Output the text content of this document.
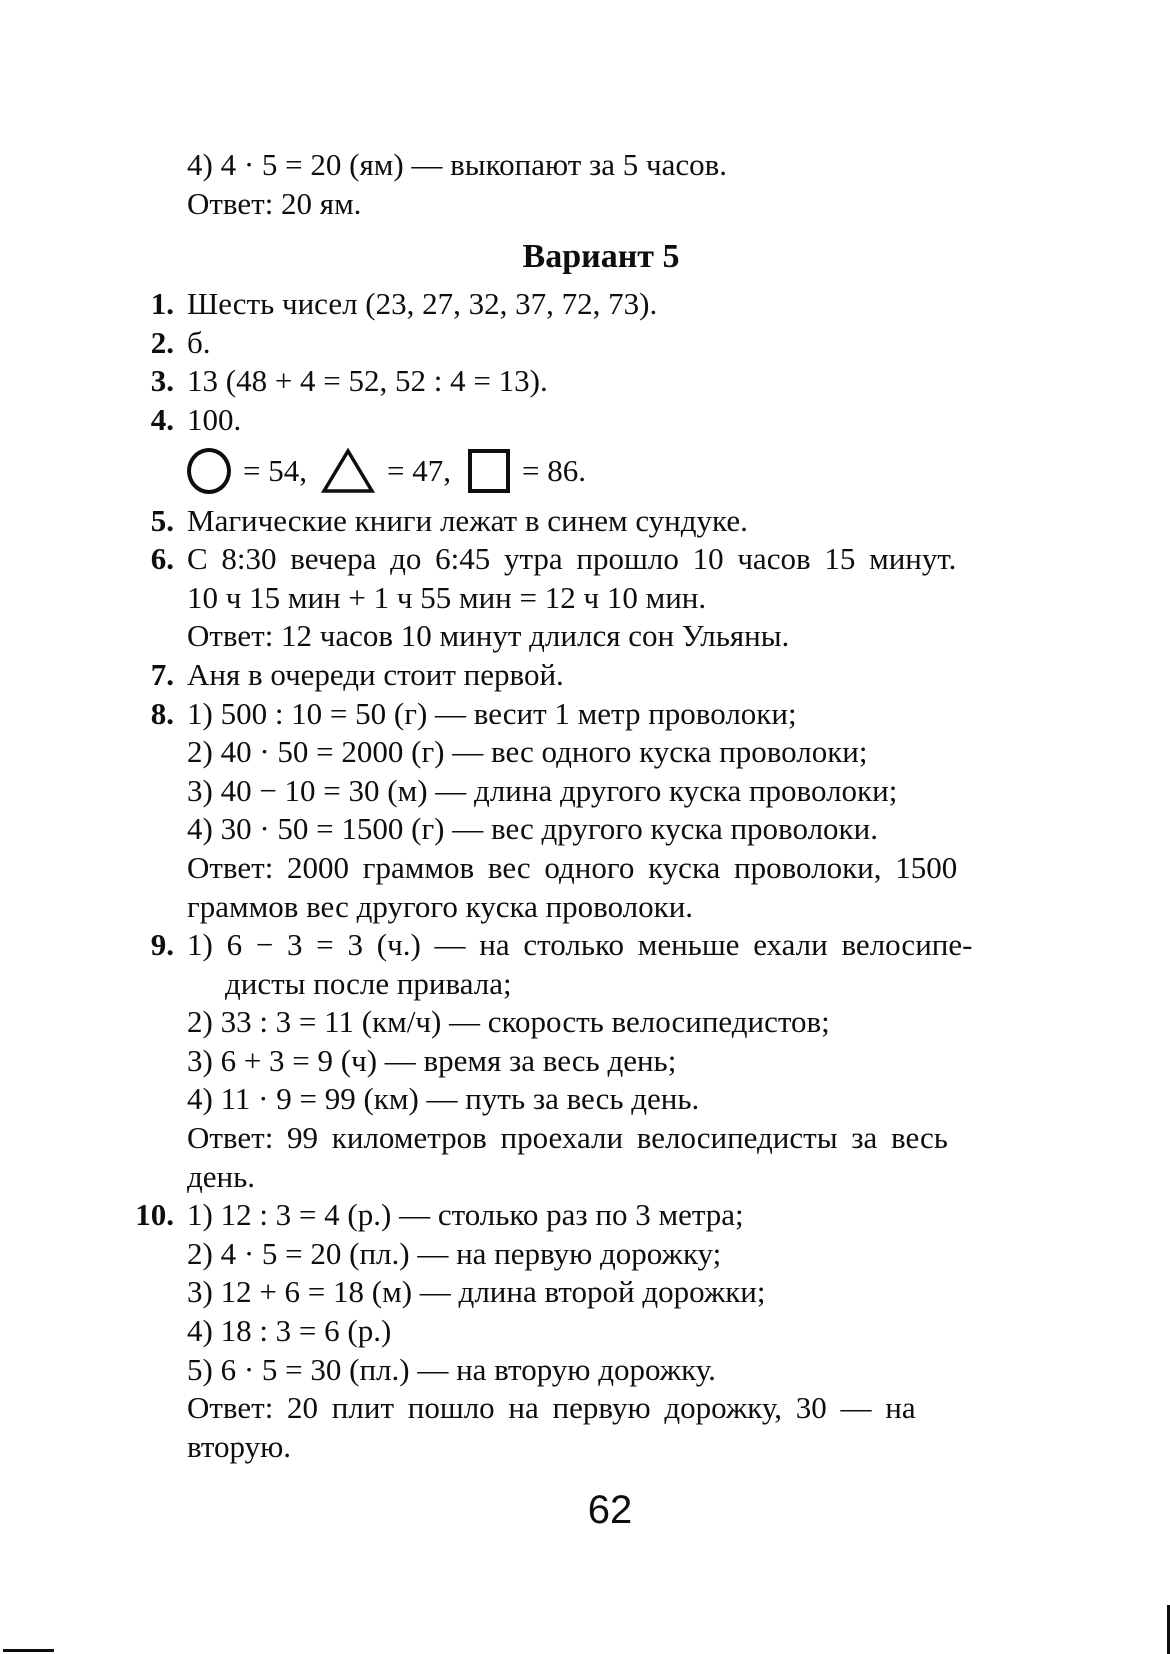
4) 4 · 5 = 20 (ям) — выкопают за 5 часов.
Ответ: 20 ям.
Вариант 5
1. Шесть чисел (23, 27, 32, 37, 72, 73).
2. б.
3. 13 (48 + 4 = 52, 52 : 4 = 13).
4. 100.
= 54,	= 47, = 86.
5. Магические книги лежат в синем сундуке.
6. С 8:30 вечера до 6:45 утра прошло 10 часов 15 минут.
10 ч 15 мин + 1 ч 55 мин = 12 ч 10 мин.
Ответ: 12 часов 10 минут длился сон Ульяны.
7. Аня в очереди стоит первой.
8. 1) 500 : 10 = 50 (г) — весит 1 метр проволоки;
2) 40 · 50 = 2000 (г) — вес одного куска проволоки;
3) 40 − 10 = 30 (м) — длина другого куска проволоки;
4) 30 · 50 = 1500 (г) — вес другого куска проволоки.
Ответ: 2000 граммов вес одного куска проволоки, 1500
граммов вес другого куска проволоки.
9. 1) 6 − 3 = 3 (ч.) — на столько меньше ехали велосипе-
дисты после привала;
2) 33 : 3 = 11 (км/ч) — скорость велосипедистов;
3) 6 + 3 = 9 (ч) — время за весь день;
4) 11 · 9 = 99 (км) — путь за весь день.
Ответ: 99 километров проехали велосипедисты за весь
день.
10. 1) 12 : 3 = 4 (р.) — столько раз по 3 метра;
2) 4 · 5 = 20 (пл.) — на первую дорожку;
3) 12 + 6 = 18 (м) — длина второй дорожки;
4) 18 : 3 = 6 (р.)
5) 6 · 5 = 30 (пл.) — на вторую дорожку.
Ответ: 20 плит пошло на первую дорожку, 30 — на
вторую.
62
